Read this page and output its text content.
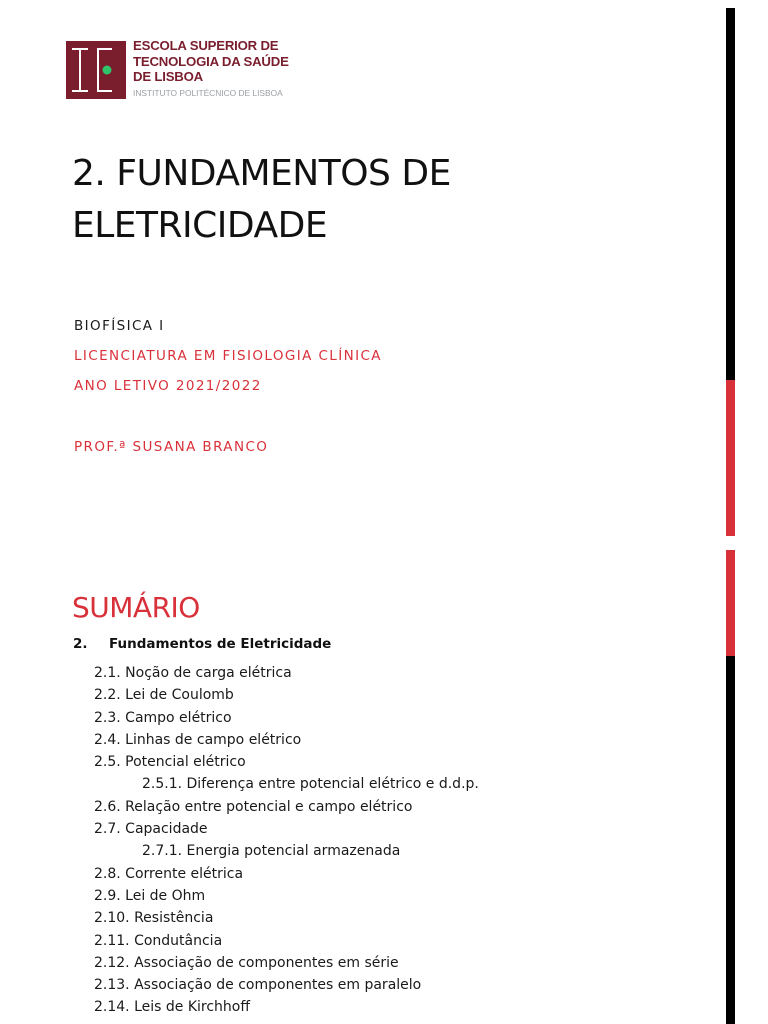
ESCOLA SUPERIOR DE
TECNOLOGIA DA SAÚDE
DE LISBOA
INSTITUTO POLITÉCNICO DE LISBOA
2. FUNDAMENTOS DE
ELETRICIDADE
BIOFÍSICA I
LICENCIATURA EM FISIOLOGIA CLÍNICA
ANO LETIVO 2021/2022
PROF.ª SUSANA BRANCO
SUMÁRIO
2. Fundamentos de Eletricidade
2.1. Noção de carga elétrica
2.2. Lei de Coulomb
2.3. Campo elétrico
2.4. Linhas de campo elétrico
2.5. Potencial elétrico
2.5.1. Diferença entre potencial elétrico e d.d.p.
2.6. Relação entre potencial e campo elétrico
2.7. Capacidade
2.7.1. Energia potencial armazenada
2.8. Corrente elétrica
2.9. Lei de Ohm
2.10. Resistência
2.11. Condutância
2.12. Associação de componentes em série
2.13. Associação de componentes em paralelo
2.14. Leis de Kirchhoff
